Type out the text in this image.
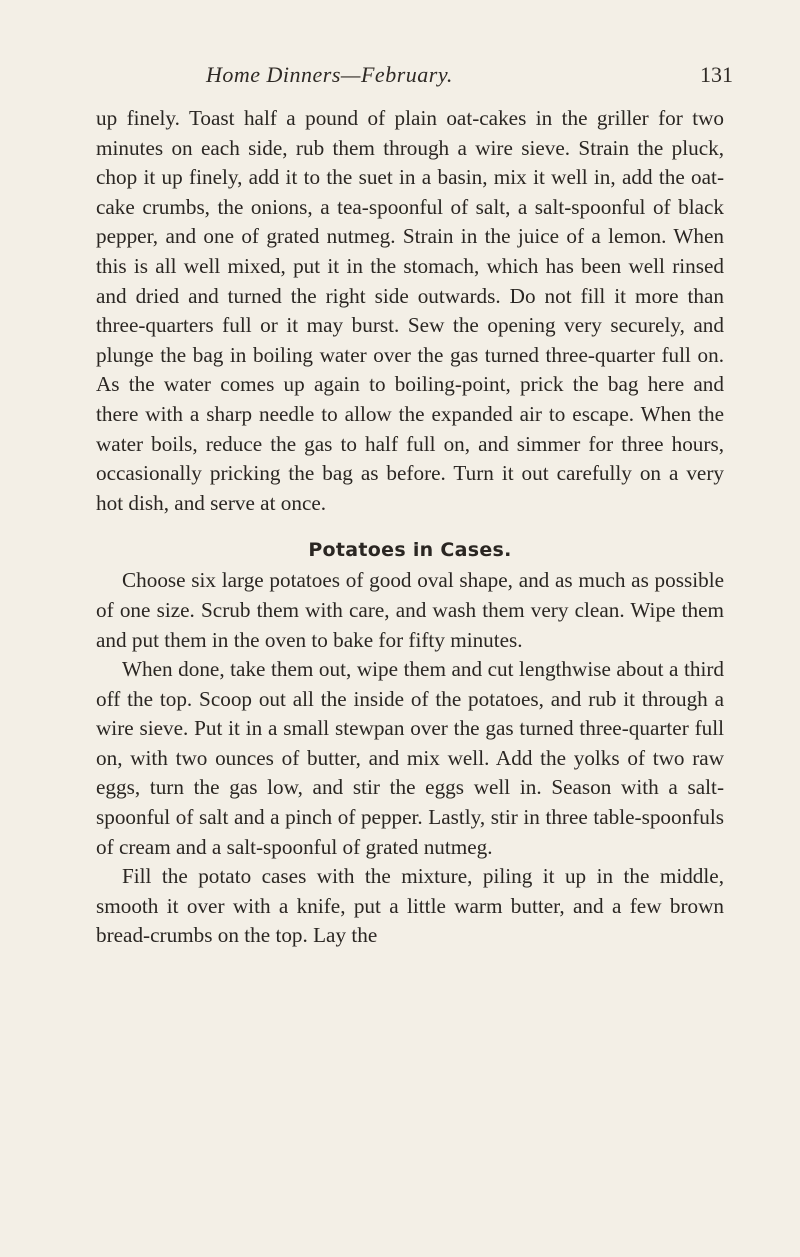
Home Dinners—February.	131

up finely. Toast half a pound of plain oat-cakes in the griller for two minutes on each side, rub them through a wire sieve. Strain the pluck, chop it up finely, add it to the suet in a basin, mix it well in, add the oat-cake crumbs, the onions, a tea-spoonful of salt, a salt-spoonful of black pepper, and one of grated nutmeg. Strain in the juice of a lemon. When this is all well mixed, put it in the stomach, which has been well rinsed and dried and turned the right side outwards. Do not fill it more than three-quarters full or it may burst. Sew the opening very securely, and plunge the bag in boiling water over the gas turned three-quarter full on. As the water comes up again to boiling-point, prick the bag here and there with a sharp needle to allow the expanded air to escape. When the water boils, reduce the gas to half full on, and simmer for three hours, occasionally pricking the bag as before. Turn it out carefully on a very hot dish, and serve at once.

Potatoes in Cases.

Choose six large potatoes of good oval shape, and as much as possible of one size. Scrub them with care, and wash them very clean. Wipe them and put them in the oven to bake for fifty minutes.

When done, take them out, wipe them and cut lengthwise about a third off the top. Scoop out all the inside of the potatoes, and rub it through a wire sieve. Put it in a small stewpan over the gas turned three-quarter full on, with two ounces of butter, and mix well. Add the yolks of two raw eggs, turn the gas low, and stir the eggs well in. Season with a salt-spoonful of salt and a pinch of pepper. Lastly, stir in three table-spoonfuls of cream and a salt-spoonful of grated nutmeg.

Fill the potato cases with the mixture, piling it up in the middle, smooth it over with a knife, put a little warm butter, and a few brown bread-crumbs on the top. Lay the
